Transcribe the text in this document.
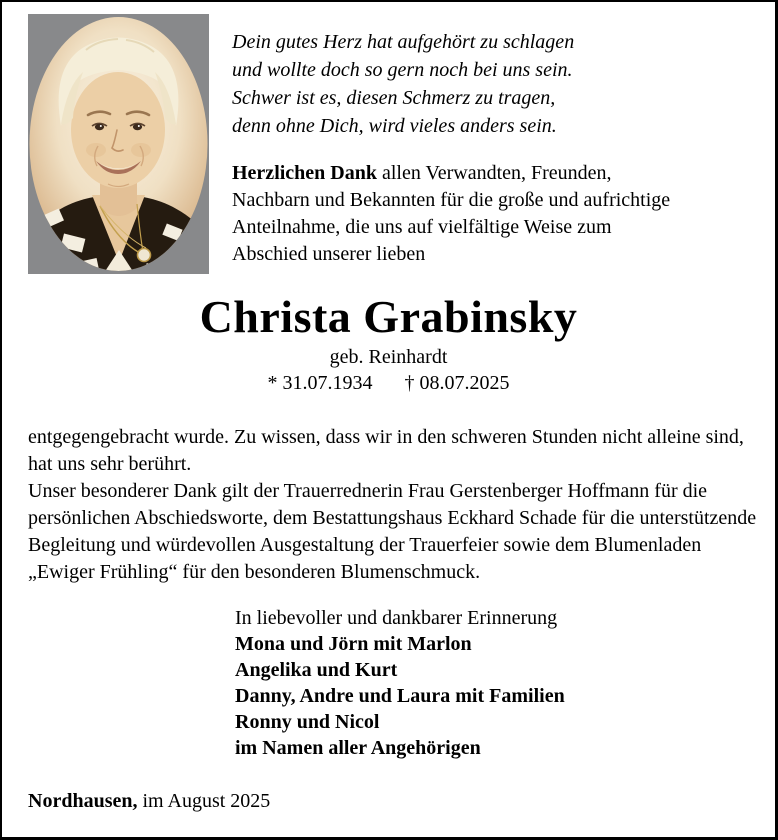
Dein gutes Herz hat aufgehört zu schlagen
und wollte doch so gern noch bei uns sein.
Schwer ist es, diesen Schmerz zu tragen,
denn ohne Dich, wird vieles anders sein.

Herzlichen Dank allen Verwandten, Freunden, Nachbarn und Bekannten für die große und aufrichtige Anteilnahme, die uns auf vielfältige Weise zum Abschied unserer lieben

Christa Grabinsky
geb. Reinhardt
* 31.07.1934 † 08.07.2025

entgegengebracht wurde. Zu wissen, dass wir in den schweren Stunden nicht alleine sind, hat uns sehr berührt.

Unser besonderer Dank gilt der Trauerrednerin Frau Gerstenberger Hoffmann für die persönlichen Abschiedsworte, dem Bestattungshaus Eckhard Schade für die unterstützende Begleitung und würdevollen Ausgestaltung der Trauerfeier sowie dem Blumenladen „Ewiger Frühling“ für den besonderen Blumenschmuck.

In liebevoller und dankbarer Erinnerung
Mona und Jörn mit Marlon
Angelika und Kurt
Danny, Andre und Laura mit Familien
Ronny und Nicol
im Namen aller Angehörigen
Nordhausen, im August 2025
